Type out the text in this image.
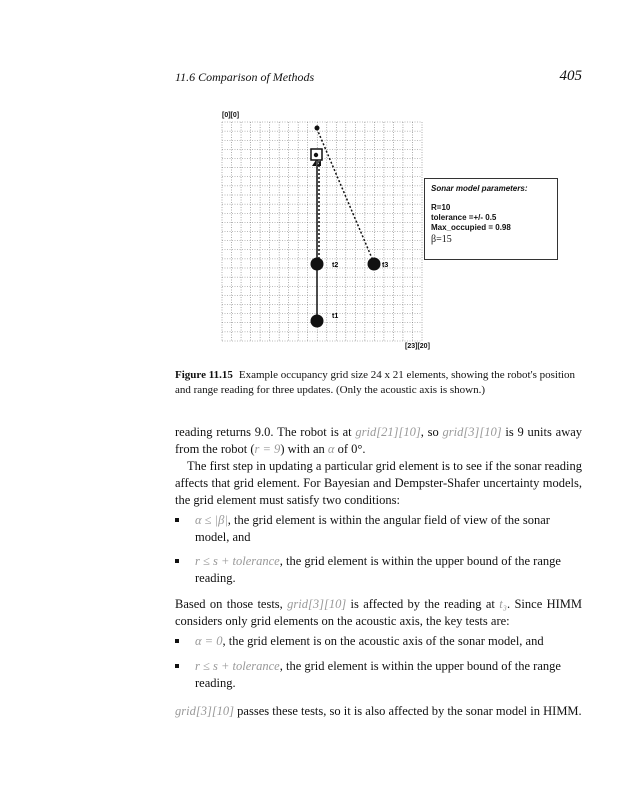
11.6 Comparison of Methods	405
t2	t3
t1
[0][0]
[23][20]
Sonar model parameters:
R=10
tolerance =+/- 0.5
Max_occupied = 0.98
β=15
Figure 11.15 Example occupancy grid size 24 x 21 elements, showing the robot's position and range reading for three updates. (Only the acoustic axis is shown.)
reading returns 9.0. The robot is at grid[21][10], so grid[3][10] is 9 units away from the robot (r = 9) with an α of 0°.
The first step in updating a particular grid element is to see if the sonar reading affects that grid element. For Bayesian and Dempster-Shafer uncertainty models, the grid element must satisfy two conditions:
α ≤ |β|, the grid element is within the angular field of view of the sonar model, and
r ≤ s + tolerance, the grid element is within the upper bound of the range reading.
Based on those tests, grid[3][10] is affected by the reading at t₃. Since HIMM considers only grid elements on the acoustic axis, the key tests are:
α = 0, the grid element is on the acoustic axis of the sonar model, and
r ≤ s + tolerance, the grid element is within the upper bound of the range reading.
grid[3][10] passes these tests, so it is also affected by the sonar model in HIMM.
